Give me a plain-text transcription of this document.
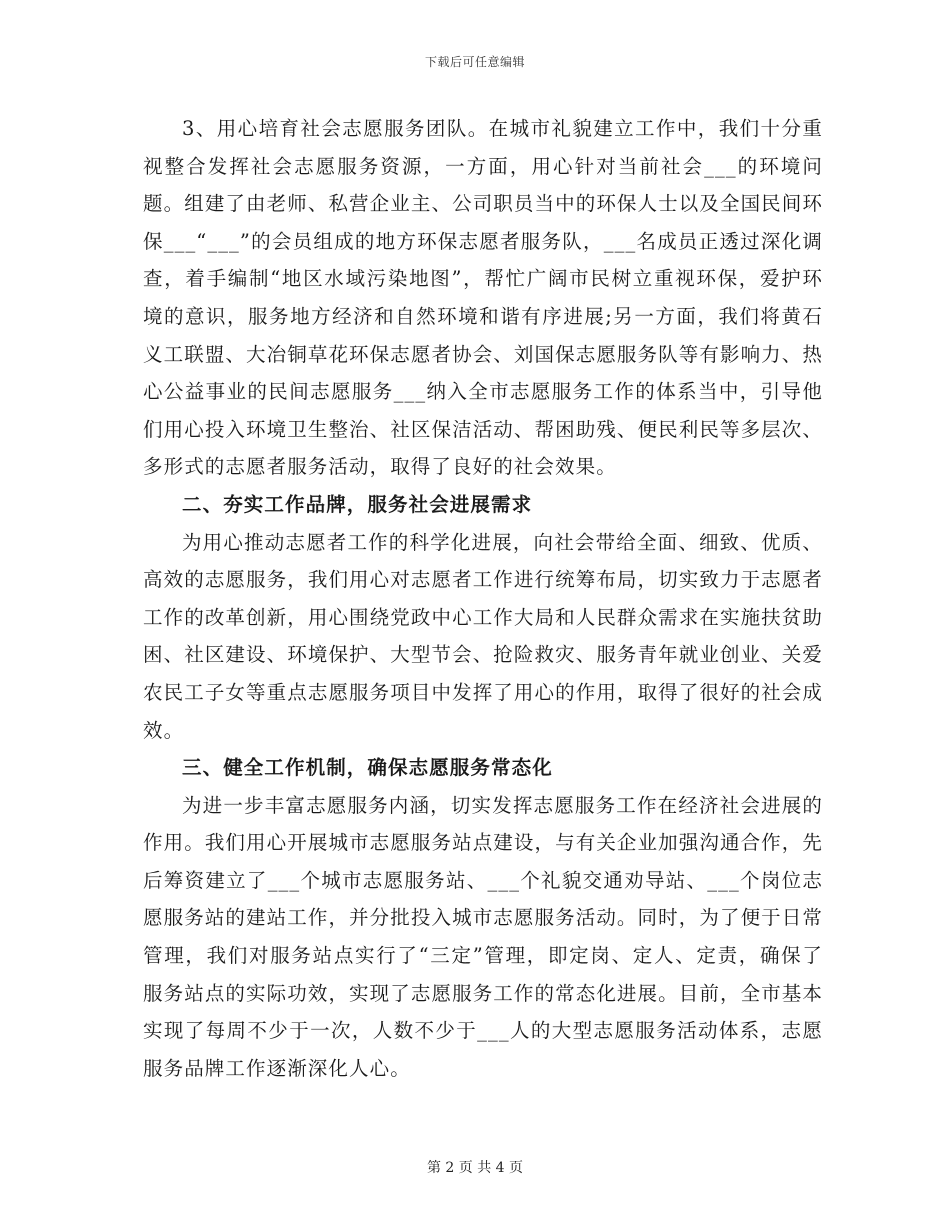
下载后可任意编辑

3、用心培育社会志愿服务团队。在城市礼貌建立工作中，我们十分重视整合发挥社会志愿服务资源，一方面，用心针对当前社会___的环境问题。组建了由老师、私营企业主、公司职员当中的环保人士以及全国民间环保___“___”的会员组成的地方环保志愿者服务队，___名成员正透过深化调查，着手编制“地区水域污染地图”，帮忙广阔市民树立重视环保，爱护环境的意识，服务地方经济和自然环境和谐有序进展;另一方面，我们将黄石义工联盟、大冶铜草花环保志愿者协会、刘国保志愿服务队等有影响力、热心公益事业的民间志愿服务___纳入全市志愿服务工作的体系当中，引导他们用心投入环境卫生整治、社区保洁活动、帮困助残、便民利民等多层次、多形式的志愿者服务活动，取得了良好的社会效果。

二、夯实工作品牌，服务社会进展需求

为用心推动志愿者工作的科学化进展，向社会带给全面、细致、优质、高效的志愿服务，我们用心对志愿者工作进行统筹布局，切实致力于志愿者工作的改革创新，用心围绕党政中心工作大局和人民群众需求在实施扶贫助困、社区建设、环境保护、大型节会、抢险救灾、服务青年就业创业、关爱农民工子女等重点志愿服务项目中发挥了用心的作用，取得了很好的社会成效。

三、健全工作机制，确保志愿服务常态化

为进一步丰富志愿服务内涵，切实发挥志愿服务工作在经济社会进展的作用。我们用心开展城市志愿服务站点建设，与有关企业加强沟通合作，先后筹资建立了___个城市志愿服务站、___个礼貌交通劝导站、___个岗位志愿服务站的建站工作，并分批投入城市志愿服务活动。同时，为了便于日常管理，我们对服务站点实行了“三定”管理，即定岗、定人、定责，确保了服务站点的实际功效，实现了志愿服务工作的常态化进展。目前，全市基本实现了每周不少于一次，人数不少于___人的大型志愿服务活动体系，志愿服务品牌工作逐渐深化人心。

第 2 页 共 4 页
